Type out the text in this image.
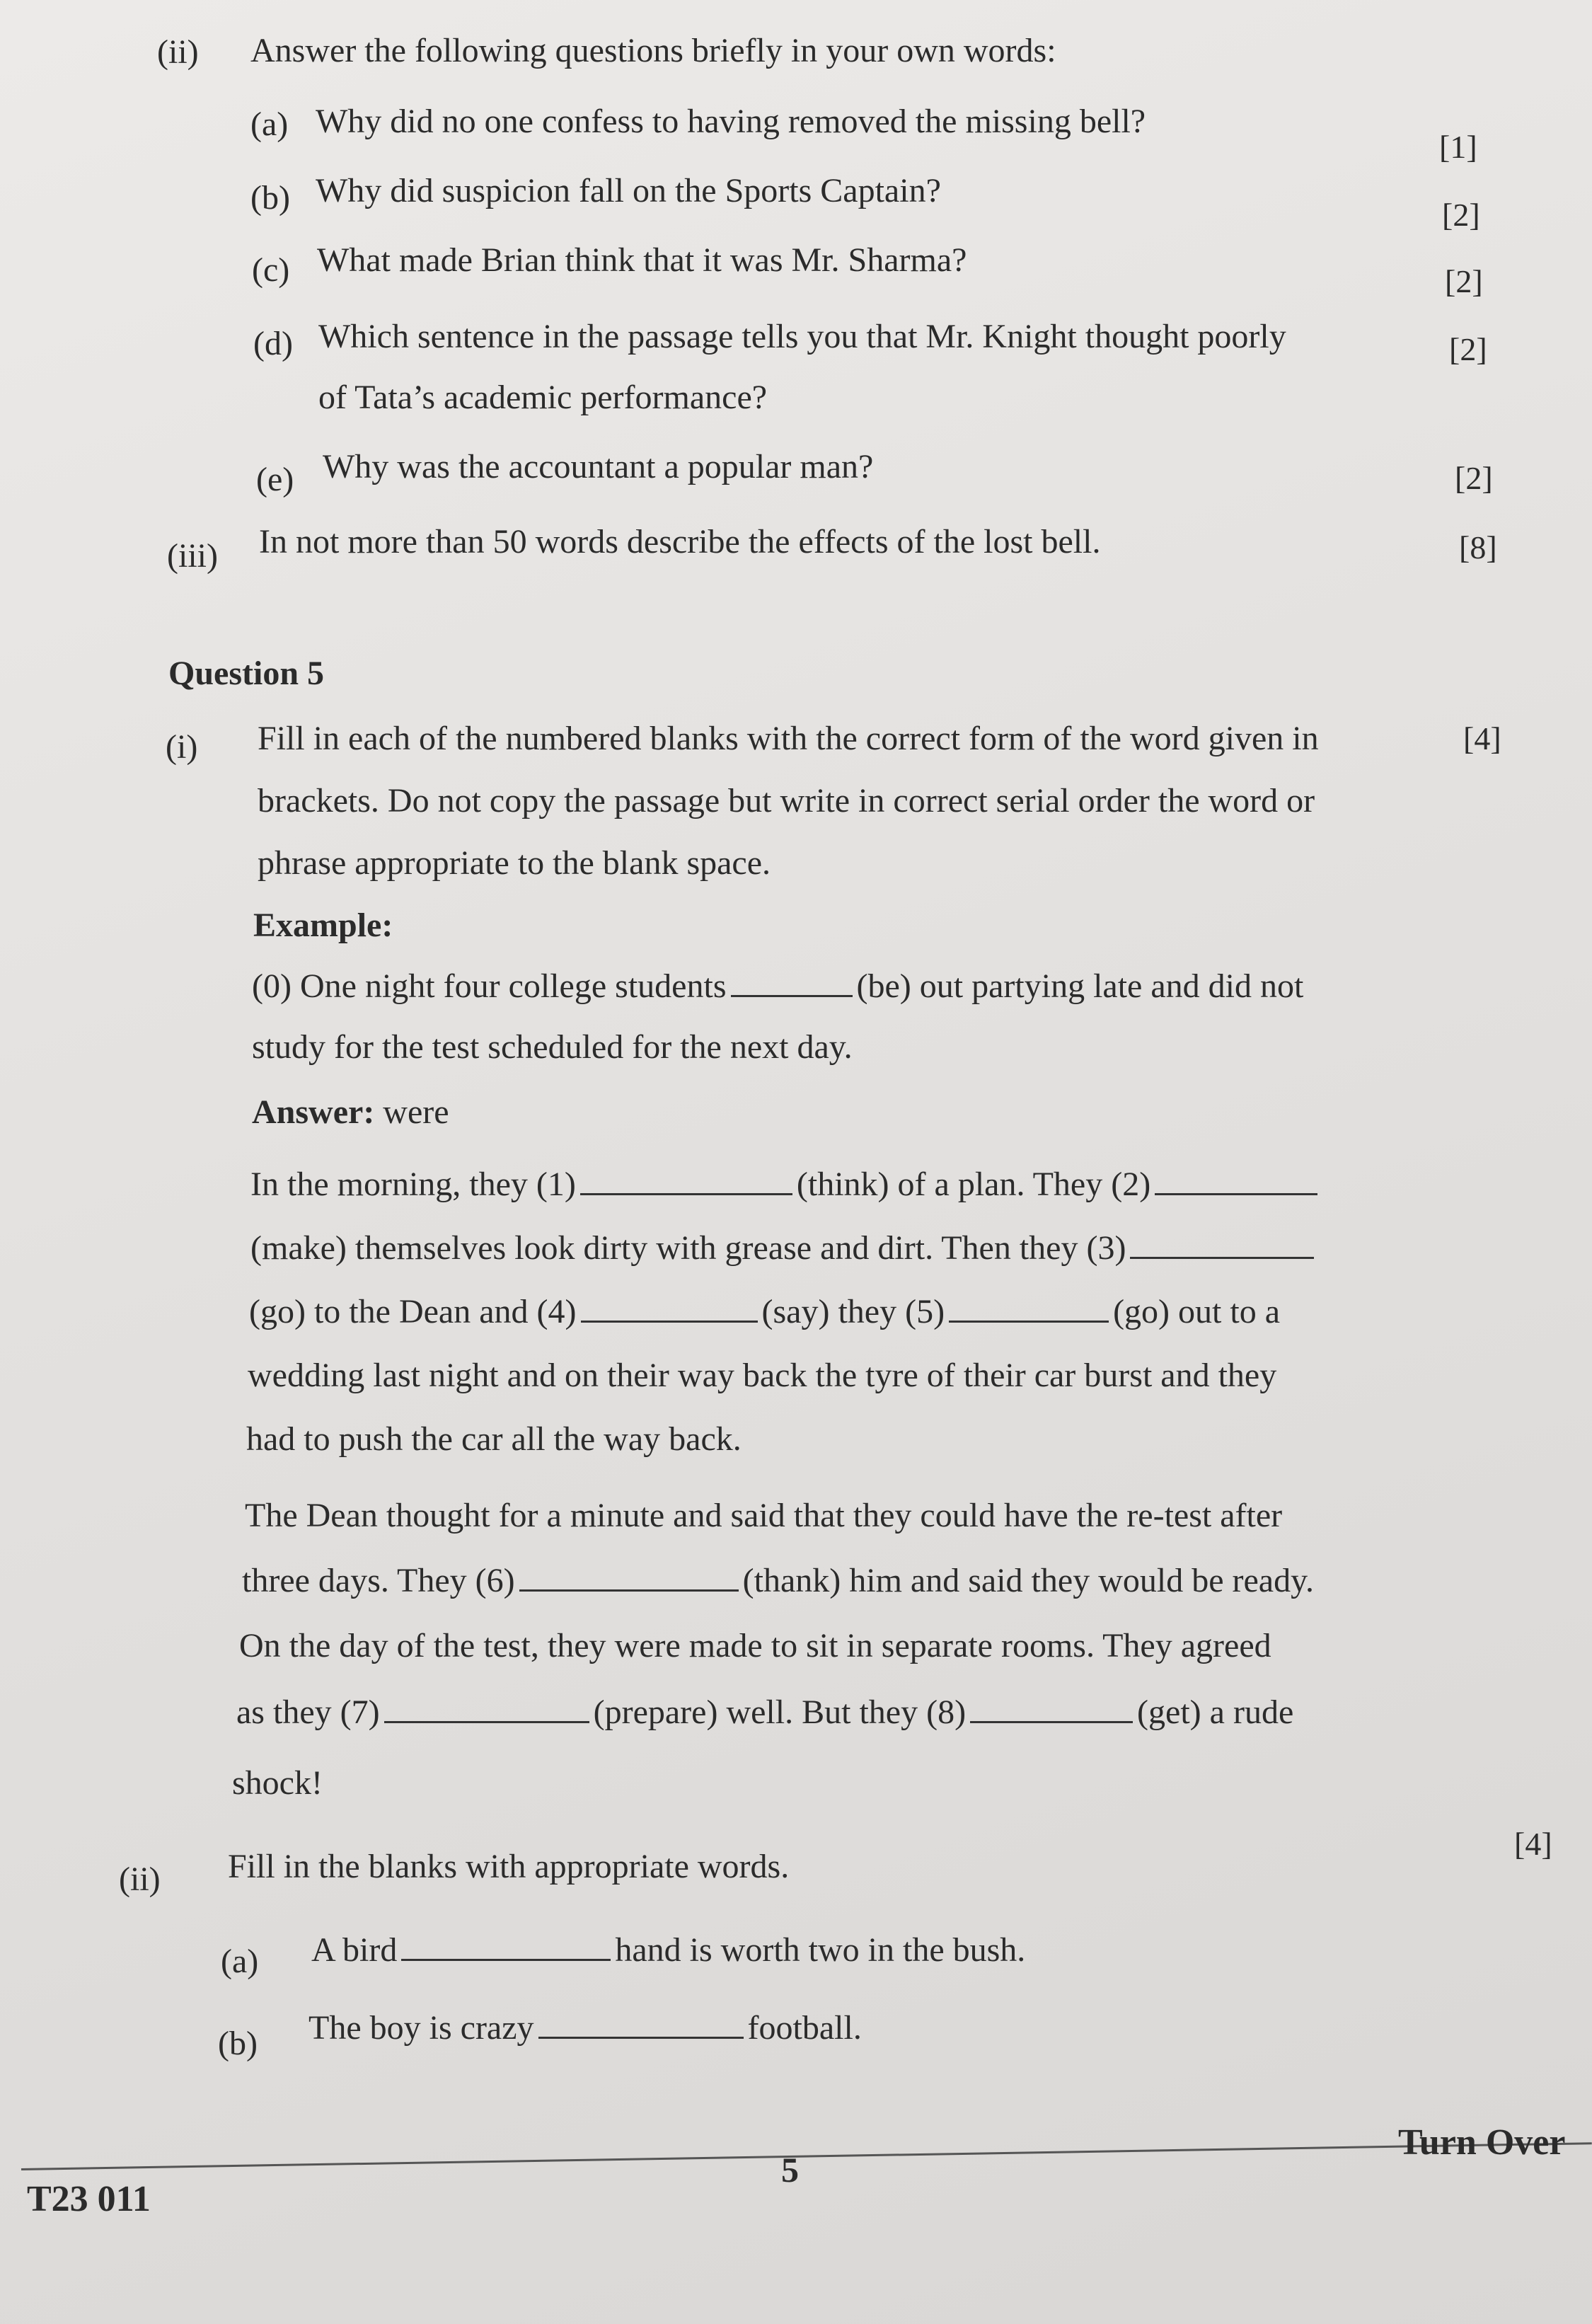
(ii) Answer the following questions briefly in your own words:
(a) Why did no one confess to having removed the missing bell?
[1]
(b) Why did suspicion fall on the Sports Captain?
[2]
(c) What made Brian think that it was Mr. Sharma?
[2]
(d) Which sentence in the passage tells you that Mr. Knight thought poorly
of Tata’s academic performance?
[2]
(e) Why was the accountant a popular man?	[2]
(iii) In not more than 50 words describe the effects of the lost bell.	[8]
Question 5
(i) Fill in each of the numbered blanks with the correct form of the word given in
brackets. Do not copy the passage but write in correct serial order the word or
phrase appropriate to the blank space.
[4]
Example:
(0) One night four college students	(be) out partying late and did not
study for the test scheduled for the next day.
Answer: were
In the morning, they (1)	(think) of a plan. They (2)
(make) themselves look dirty with grease and dirt. Then they (3)
(go) to the Dean and (4)	(say) they (5)	(go) out to a
wedding last night and on their way back the tyre of their car burst and they
had to push the car all the way back.
The Dean thought for a minute and said that they could have the re-test after
three days. They (6)	(thank) him and said they would be ready.
On the day of the test, they were made to sit in separate rooms. They agreed
as they (7)	(prepare) well. But they (8)	(get) a rude
shock!
(ii) Fill in the blanks with appropriate words.
[4]
(a) A bird	hand is worth two in the bush.
(b) The boy is crazy	football.
T23 011
5
Turn Over
